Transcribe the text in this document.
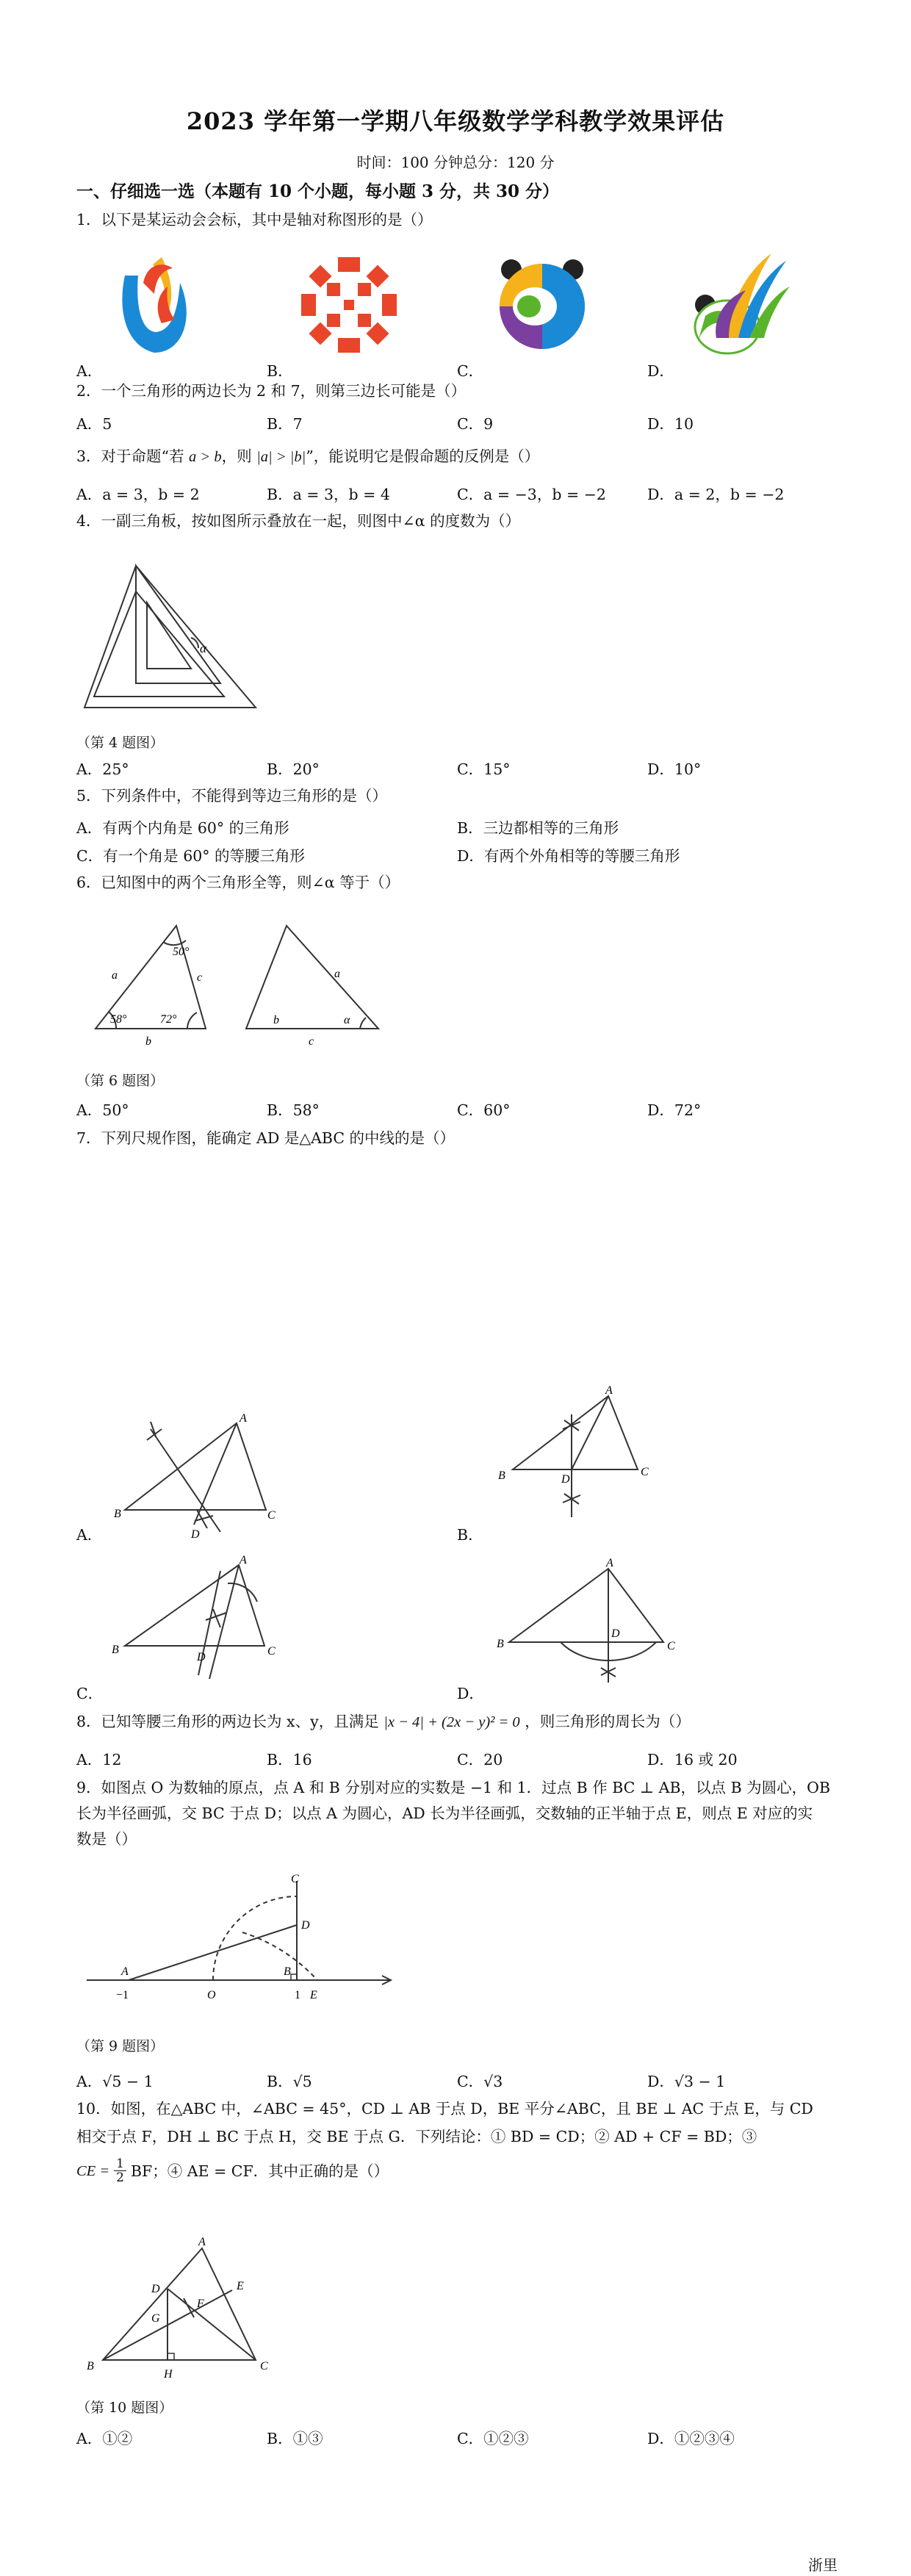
2023 学年第一学期八年级数学学科教学效果评估
时间：100 分钟总分：120 分
一、仔细选一选（本题有 10 个小题，每小题 3 分，共 30 分）
1．以下是某运动会会标，其中是轴对称图形的是（）
A．	B．	C．	D．
2．一个三角形的两边长为 2 和 7，则第三边长可能是（）
A．5	B．7	C．9	D．10
3．对于命题“若 a > b，则 |a| > |b|”，能说明它是假命题的反例是（）
A．a = 3，b = 2	B．a = 3，b = 4	C．a = −3，b = −2	D．a = 2，b = −2
4．一副三角板，按如图所示叠放在一起，则图中∠α 的度数为（）
α
（第 4 题图）
A．25°	B．20°	C．15°	D．10°
5．下列条件中，不能得到等边三角形的是（）
A．有两个内角是 60° 的三角形	B．三边都相等的三角形
C．有一个角是 60° 的等腰三角形	D．有两个外角相等的等腰三角形
6．已知图中的两个三角形全等，则∠α 等于（）
50°
58°	72°
a	c
b
a
b
c
α
（第 6 题图）
A．50°	B．58°	C．60°	D．72°
7．下列尺规作图，能确定 AD 是△ABC 的中线的是（）
A
B	C
D
A．
A
B	C
D
B．
A
B	C
D
C．
A
B	C
D
D．
8．已知等腰三角形的两边长为 x、y，且满足 |x − 4| + (2x − y)² = 0 ，则三角形的周长为（）
A．12	B．16	C．20	D．16 或 20
9．如图点 O 为数轴的原点，点 A 和 B 分别对应的实数是 −1 和 1．过点 B 作 BC ⊥ AB，以点 B 为圆心，OB
长为半径画弧，交 BC 于点 D；以点 A 为圆心，AD 长为半径画弧，交数轴的正半轴于点 E，则点 E 对应的实
数是（）
A
O
B
C
D
E
−1	1
（第 9 题图）
A．√5 − 1	B．√5	C．√3	D．√3 − 1
10．如图，在△ABC 中，∠ABC = 45°，CD ⊥ AB 于点 D，BE 平分∠ABC，且 BE ⊥ AC 于点 E，与 CD
相交于点 F，DH ⊥ BC 于点 H，交 BE 于点 G．下列结论：① BD = CD；② AD + CF = BD；③
CE = $\frac{1}{2}$ BF；④ AE = CF．其中正确的是（）
A
B	C
D	E
F
G
H
（第 10 题图）
A．①②	B．①③	C．①②③	D．①②③④
浙里
